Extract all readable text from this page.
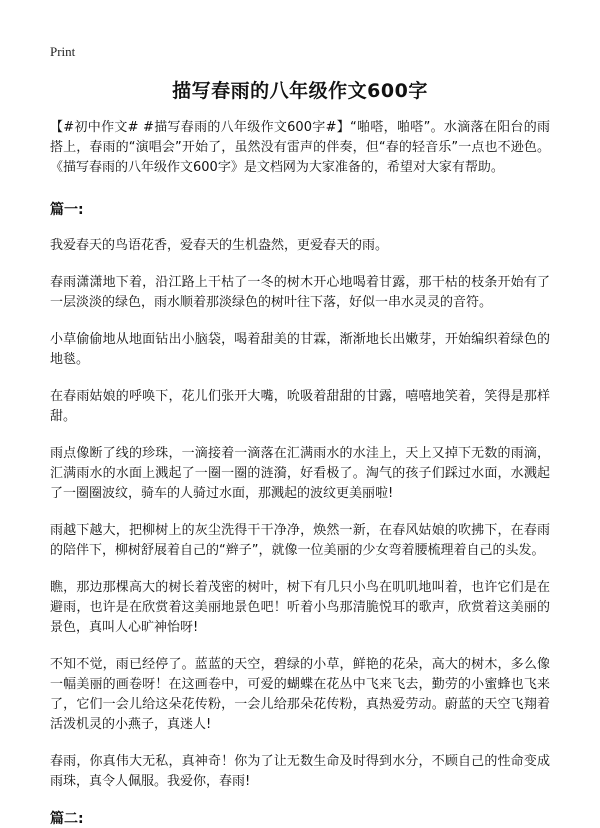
Print
描写春雨的八年级作文600字

【#初中作文# #描写春雨的八年级作文600字#】“啪嗒，啪嗒”。水滴落在阳台的雨搭上，春雨的“演唱会”开始了，虽然没有雷声的伴奏，但“春的轻音乐”一点也不逊色。《描写春雨的八年级作文600字》是文档网为大家准备的，希望对大家有帮助。

篇一:

我爱春天的鸟语花香，爱春天的生机盎然，更爱春天的雨。

春雨潇潇地下着，沿江路上干枯了一冬的树木开心地喝着甘露，那干枯的枝条开始有了一层淡淡的绿色，雨水顺着那淡绿色的树叶往下落，好似一串水灵灵的音符。

小草偷偷地从地面钻出小脑袋，喝着甜美的甘霖，渐渐地长出嫩芽，开始编织着绿色的地毯。

在春雨姑娘的呼唤下，花儿们张开大嘴，吮吸着甜甜的甘露，嘻嘻地笑着，笑得是那样甜。

雨点像断了线的珍珠，一滴接着一滴落在汇满雨水的水洼上，天上又掉下无数的雨滴，汇满雨水的水面上溅起了一圈一圈的涟漪，好看极了。淘气的孩子们踩过水面，水溅起了一圈圈波纹，骑车的人骑过水面，那溅起的波纹更美丽啦!

雨越下越大，把柳树上的灰尘洗得干干净净，焕然一新，在春风姑娘的吹拂下，在春雨的陪伴下，柳树舒展着自己的“辫子”，就像一位美丽的少女弯着腰梳理着自己的头发。

瞧，那边那棵高大的树长着茂密的树叶，树下有几只小鸟在叽叽地叫着，也许它们是在避雨，也许是在欣赏着这美丽地景色吧！听着小鸟那清脆悦耳的歌声，欣赏着这美丽的景色，真叫人心旷神怡呀!

不知不觉，雨已经停了。蓝蓝的天空，碧绿的小草，鲜艳的花朵，高大的树木，多么像一幅美丽的画卷呀！在这画卷中，可爱的蝴蝶在花丛中飞来飞去，勤劳的小蜜蜂也飞来了，它们一会儿给这朵花传粉，一会儿给那朵花传粉，真热爱劳动。蔚蓝的天空飞翔着活泼机灵的小燕子，真迷人!

春雨，你真伟大无私，真神奇！你为了让无数生命及时得到水分，不顾自己的性命变成雨珠，真令人佩服。我爱你，春雨!

篇二:
